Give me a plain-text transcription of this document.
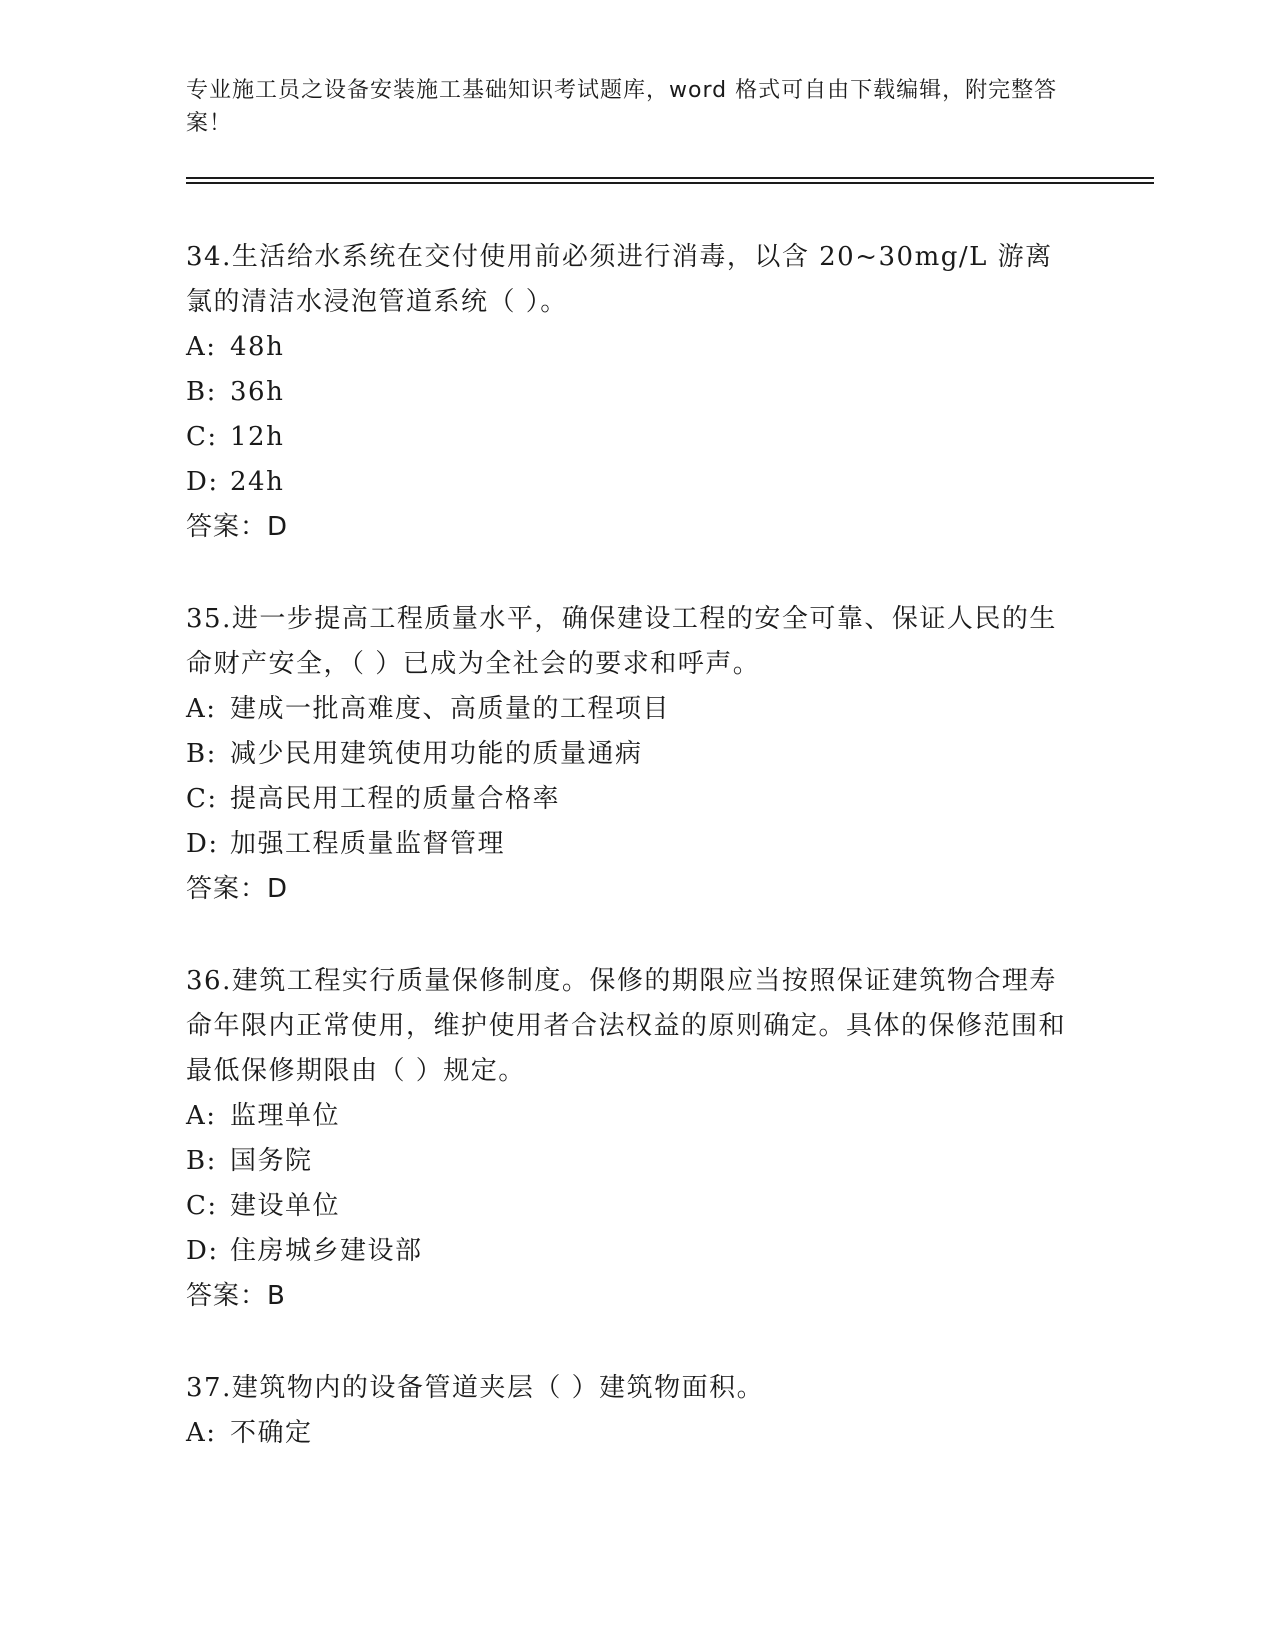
专业施工员之设备安装施工基础知识考试题库，word 格式可自由下载编辑，附完整答案！

34.生活给水系统在交付使用前必须进行消毒，以含 20~30mg/L 游离氯的清洁水浸泡管道系统（ ）。

A: 48h
B: 36h
C: 12h
D: 24h
答案：D

35.进一步提高工程质量水平，确保建设工程的安全可靠、保证人民的生命财产安全，（ ）已成为全社会的要求和呼声。

A: 建成一批高难度、高质量的工程项目
B: 减少民用建筑使用功能的质量通病
C: 提高民用工程的质量合格率
D: 加强工程质量监督管理
答案：D

36.建筑工程实行质量保修制度。保修的期限应当按照保证建筑物合理寿命年限内正常使用，维护使用者合法权益的原则确定。具体的保修范围和最低保修期限由（ ）规定。

A: 监理单位
B: 国务院
C: 建设单位
D: 住房城乡建设部
答案：B

37.建筑物内的设备管道夹层（ ）建筑物面积。

A: 不确定
